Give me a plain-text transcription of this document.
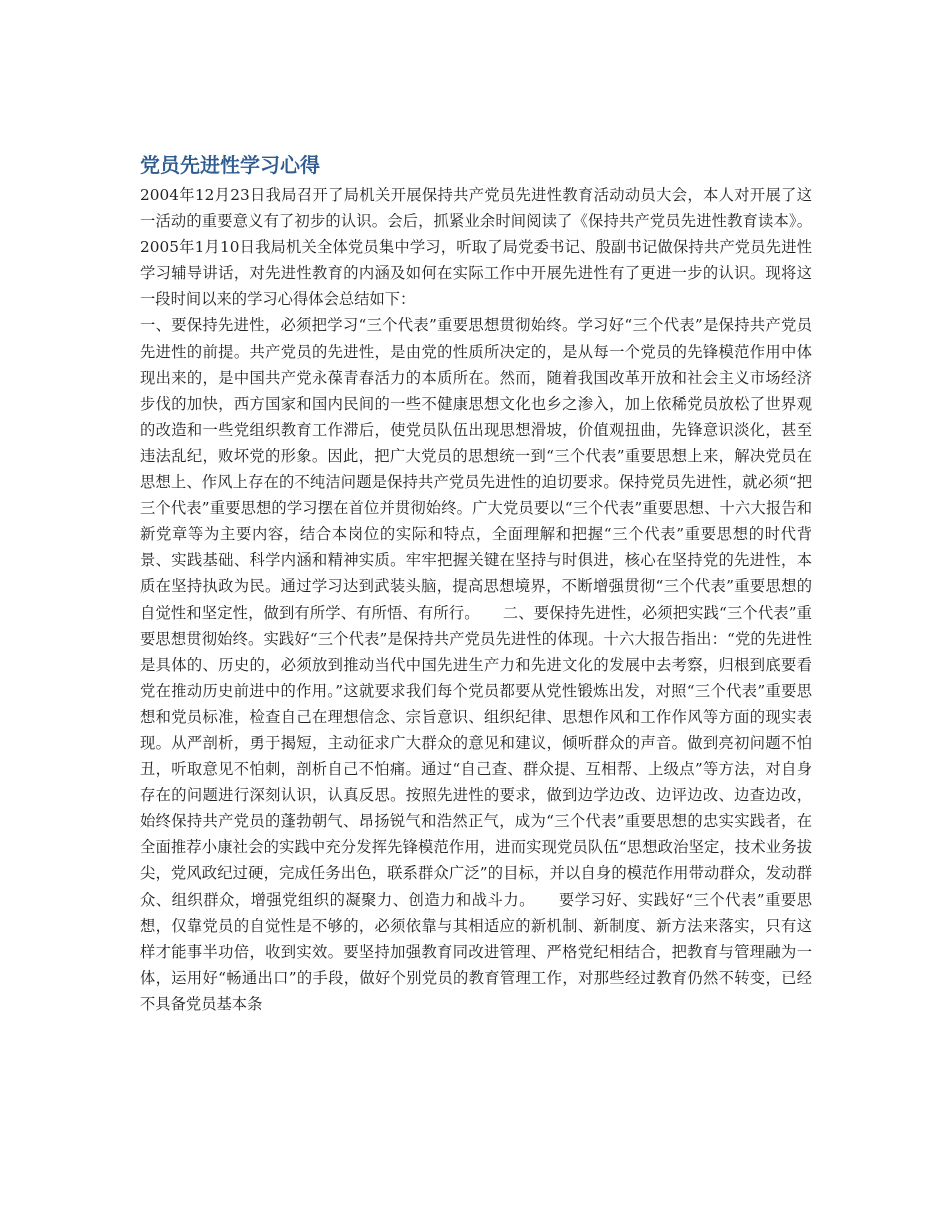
党员先进性学习心得

2004年12月23日我局召开了局机关开展保持共产党员先进性教育活动动员大会，本人对开展了这一活动的重要意义有了初步的认识。会后，抓紧业余时间阅读了《保持共产党员先进性教育读本》。2005年1月10日我局机关全体党员集中学习，听取了局党委书记、殷副书记做保持共产党员先进性学习辅导讲话，对先进性教育的内涵及如何在实际工作中开展先进性有了更进一步的认识。现将这一段时间以来的学习心得体会总结如下：
一、要保持先进性，必须把学习“三个代表”重要思想贯彻始终。学习好“三个代表”是保持共产党员先进性的前提。共产党员的先进性，是由党的性质所决定的，是从每一个党员的先锋模范作用中体现出来的，是中国共产党永葆青春活力的本质所在。然而，随着我国改革开放和社会主义市场经济步伐的加快，西方国家和国内民间的一些不健康思想文化也乡之渗入，加上依稀党员放松了世界观的改造和一些党组织教育工作滞后，使党员队伍出现思想滑坡，价值观扭曲，先锋意识淡化，甚至违法乱纪，败坏党的形象。因此，把广大党员的思想统一到“三个代表”重要思想上来，解决党员在思想上、作风上存在的不纯洁问题是保持共产党员先进性的迫切要求。保持党员先进性，就必须“把三个代表”重要思想的学习摆在首位并贯彻始终。广大党员要以“三个代表”重要思想、十六大报告和新党章等为主要内容，结合本岗位的实际和特点，全面理解和把握“三个代表”重要思想的时代背景、实践基础、科学内涵和精神实质。牢牢把握关键在坚持与时俱进，核心在坚持党的先进性，本质在坚持执政为民。通过学习达到武装头脑，提高思想境界，不断增强贯彻“三个代表”重要思想的自觉性和坚定性，做到有所学、有所悟、有所行。　　 二、要保持先进性，必须把实践“三个代表”重要思想贯彻始终。实践好“三个代表”是保持共产党员先进性的体现。十六大报告指出：“党的先进性是具体的、历史的，必须放到推动当代中国先进生产力和先进文化的发展中去考察，归根到底要看党在推动历史前进中的作用。”这就要求我们每个党员都要从党性锻炼出发，对照“三个代表”重要思想和党员标准，检查自己在理想信念、宗旨意识、组织纪律、思想作风和工作作风等方面的现实表现。从严剖析，勇于揭短，主动征求广大群众的意见和建议，倾听群众的声音。做到亮初问题不怕丑，听取意见不怕刺，剖析自己不怕痛。通过“自己查、群众提、互相帮、上级点”等方法，对自身存在的问题进行深刻认识，认真反思。按照先进性的要求，做到边学边改、边评边改、边查边改，始终保持共产党员的蓬勃朝气、昂扬锐气和浩然正气，成为“三个代表”重要思想的忠实实践者，在全面推荐小康社会的实践中充分发挥先锋模范作用，进而实现党员队伍“思想政治坚定，技术业务拔尖，党风政纪过硬，完成任务出色，联系群众广泛”的目标，并以自身的模范作用带动群众，发动群众、组织群众，增强党组织的凝聚力、创造力和战斗力。　　 要学习好、实践好“三个代表”重要思想，仅靠党员的自觉性是不够的，必须依靠与其相适应的新机制、新制度、新方法来落实，只有这样才能事半功倍，收到实效。要坚持加强教育同改进管理、严格党纪相结合，把教育与管理融为一体，运用好“畅通出口”的手段，做好个别党员的教育管理工作，对那些经过教育仍然不转变，已经不具备党员基本条
